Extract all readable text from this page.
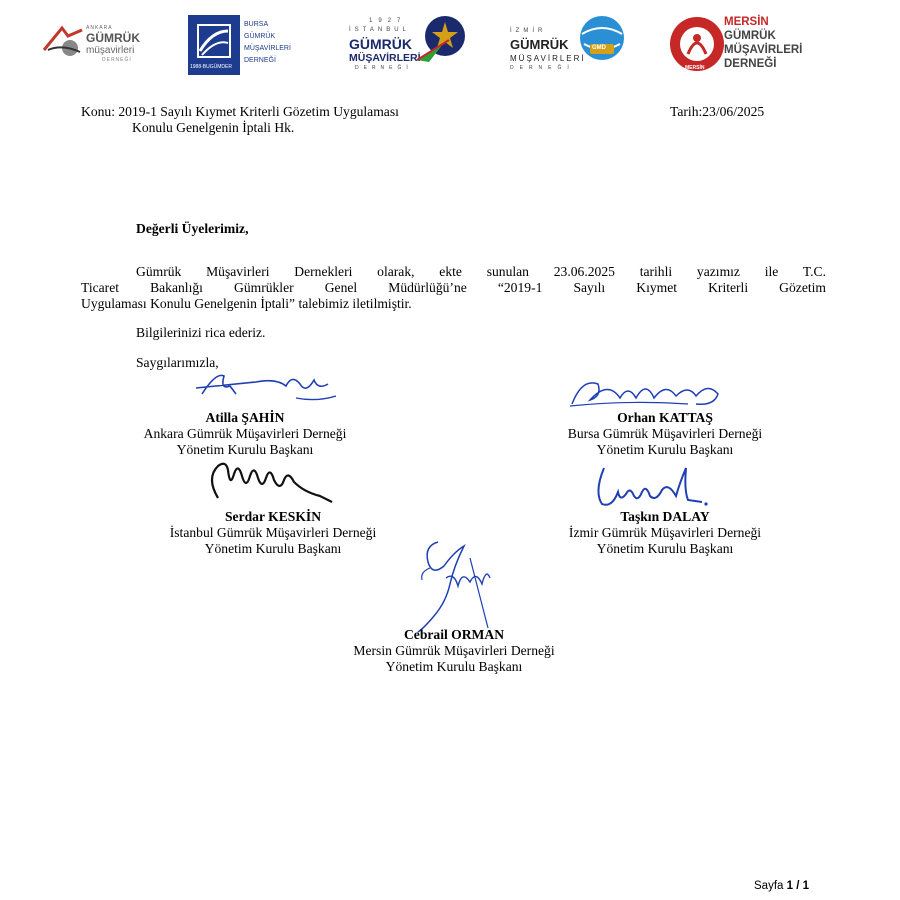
ANKARA
GÜMRÜK
müşavirleri
DERNEĞİ
1988-BUGÜMDER
BURSA
GÜMRÜK
MÜŞAVİRLERİ
DERNEĞİ
1927
İSTANBUL
GÜMRÜK
MÜŞAVİRLERİ
DERNEĞİ
İZMİR
GÜMRÜK
MÜŞAVİRLERİ
DERNEĞİ
GMD
MERSİN
MERSİN
GÜMRÜK
MÜŞAVİRLERİ
DERNEĞİ
Konu: 2019-1 Sayılı Kıymet Kriterli Gözetim Uygulaması
Konulu Genelgenin İptali Hk.
Tarih:23/06/2025
Değerli Üyelerimiz,
Gümrük Müşavirleri Dernekleri olarak, ekte sunulan 23.06.2025 tarihli yazımız ile T.C.
Ticaret Bakanlığı Gümrükler Genel Müdürlüğü’ne “2019-1 Sayılı Kıymet Kriterli Gözetim
Uygulaması Konulu Genelgenin İptali” talebimiz iletilmiştir.
Bilgilerinizi rica ederiz.
Saygılarımızla,
Atilla ŞAHİN
Ankara Gümrük Müşavirleri Derneği
Yönetim Kurulu Başkanı
Orhan KATTAŞ
Bursa Gümrük Müşavirleri Derneği
Yönetim Kurulu Başkanı
Serdar KESKİN
İstanbul Gümrük Müşavirleri Derneği
Yönetim Kurulu Başkanı
Taşkın DALAY
İzmir Gümrük Müşavirleri Derneği
Yönetim Kurulu Başkanı
Cebrail ORMAN
Mersin Gümrük Müşavirleri Derneği
Yönetim Kurulu Başkanı
Sayfa 1 / 1
